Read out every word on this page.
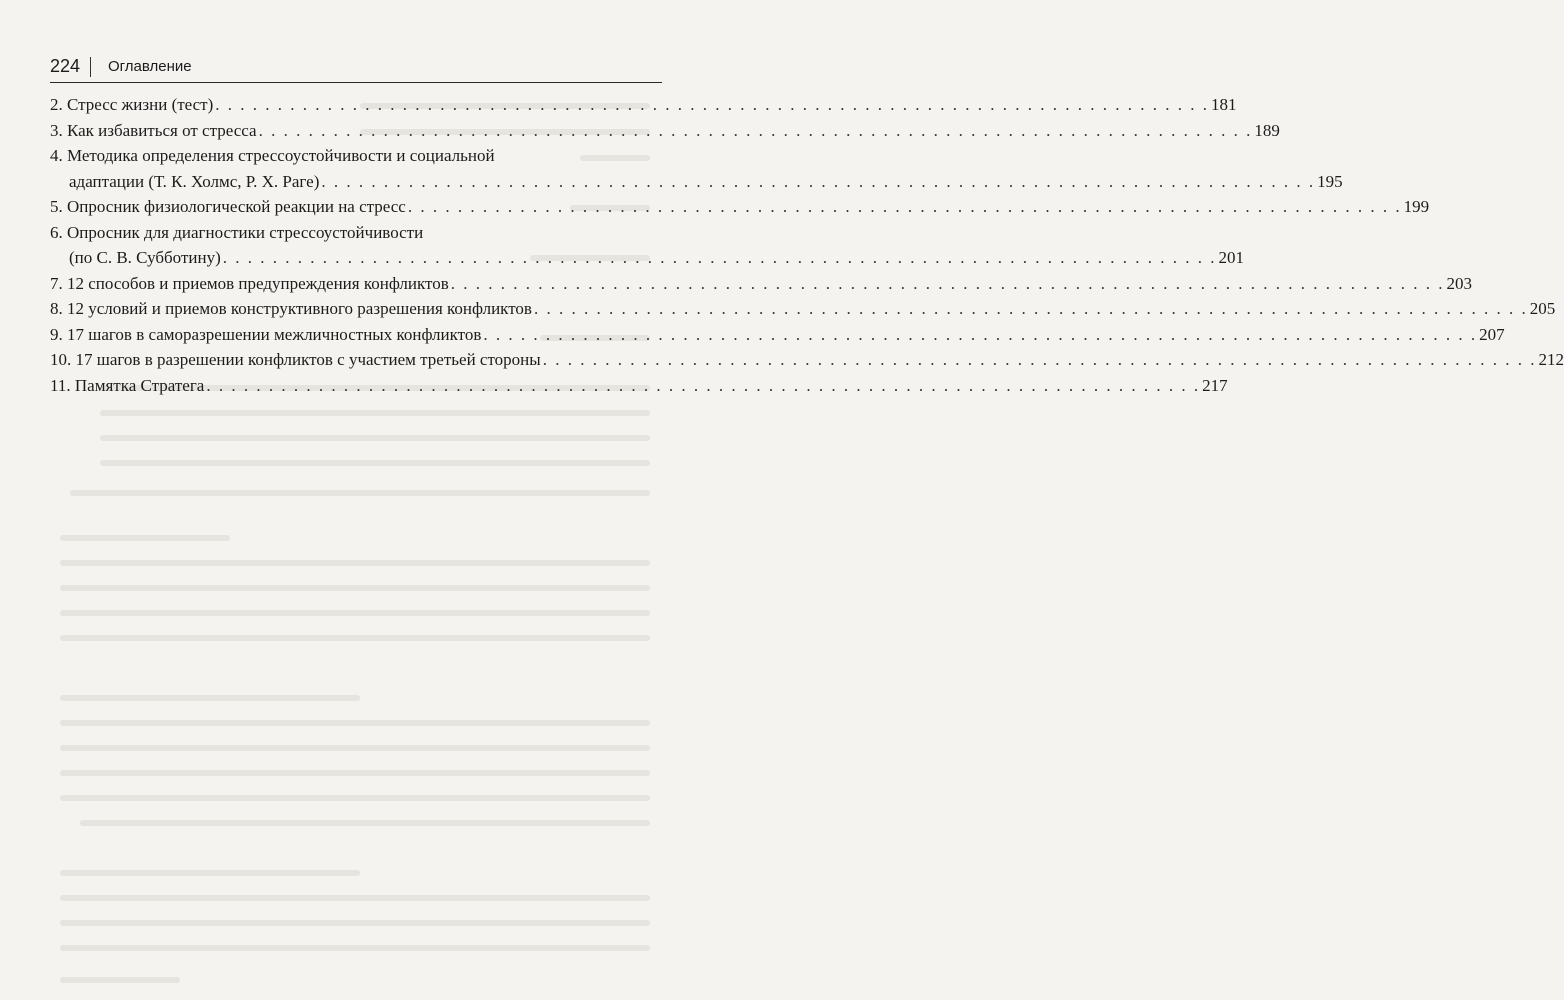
224 Оглавление
2. Стресс жизни (тест) . . . . . . . . . . . . . . . . . . . . . . . . . . . . . . . . . . . . . . . . . . . . . . . . . . . . . . . . . . . . . . . . . . . . . . . . . . . . . . . . 181
3. Как избавиться от стресса . . . . . . . . . . . . . . . . . . . . . . . . . . . . . . . . . . . . . . . . . . . . . . . . . . . . . . . . . . . . . . . . . . . . . . . . . . . . . . . . 189
4. Методика определения стрессоустойчивости и социальной
адаптации (Т. К. Холмс, Р. Х. Раге) . . . . . . . . . . . . . . . . . . . . . . . . . . . . . . . . . . . . . . . . . . . . . . . . . . . . . . . . . . . . . . . . . . . . . . . . . . . . . . . . 195
5. Опросник физиологической реакции на стресс . . . . . . . . . . . . . . . . . . . . . . . . . . . . . . . . . . . . . . . . . . . . . . . . . . . . . . . . . . . . . . . . . . . . . . . . . . . . . . . . 199
6. Опросник для диагностики стрессоустойчивости
(по С. В. Субботину) . . . . . . . . . . . . . . . . . . . . . . . . . . . . . . . . . . . . . . . . . . . . . . . . . . . . . . . . . . . . . . . . . . . . . . . . . . . . . . . . 201
7. 12 способов и приемов предупреждения конфликтов . . . . . . . . . . . . . . . . . . . . . . . . . . . . . . . . . . . . . . . . . . . . . . . . . . . . . . . . . . . . . . . . . . . . . . . . . . . . . . . . 203
8. 12 условий и приемов конструктивного разрешения конфликтов . . . . . . . . . . . . . . . . . . . . . . . . . . . . . . . . . . . . . . . . . . . . . . . . . . . . . . . . . . . . . . . . . . . . . . . . . . . . . . . . 205
9. 17 шагов в саморазрешении межличностных конфликтов . . . . . . . . . . . . . . . . . . . . . . . . . . . . . . . . . . . . . . . . . . . . . . . . . . . . . . . . . . . . . . . . . . . . . . . . . . . . . . . . 207
10. 17 шагов в разрешении конфликтов с участием третьей стороны . . . . . . . . . . . . . . . . . . . . . . . . . . . . . . . . . . . . . . . . . . . . . . . . . . . . . . . . . . . . . . . . . . . . . . . . . . . . . . . . 212
11. Памятка Стратега . . . . . . . . . . . . . . . . . . . . . . . . . . . . . . . . . . . . . . . . . . . . . . . . . . . . . . . . . . . . . . . . . . . . . . . . . . . . . . . . 217
